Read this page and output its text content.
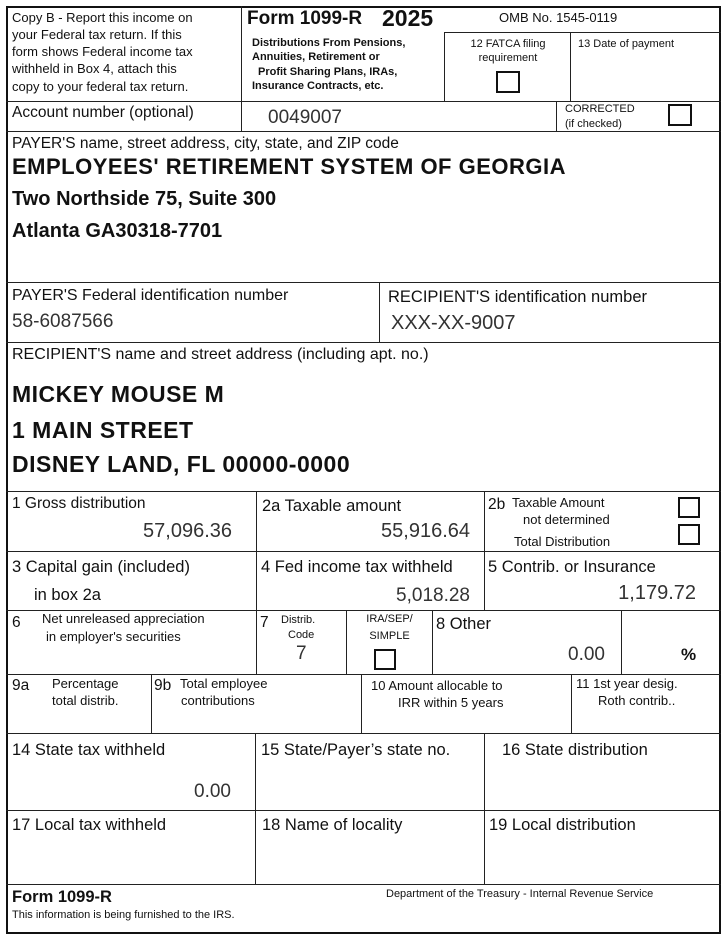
Copy B - Report this income on
your Federal tax return. If this
form shows Federal income tax
withheld in Box 4, attach this
copy to your federal tax return.
Form 1099-R 2025	OMB No. 1545-0119
Distributions From Pensions,
Annuities, Retirement or
Profit Sharing Plans, IRAs,
Insurance Contracts, etc.
12 FATCA filing
requirement
13 Date of payment
Account number (optional)	0049007	CORRECTED
(if checked)
PAYER'S name, street address, city, state, and ZIP code
EMPLOYEES' RETIREMENT SYSTEM OF GEORGIA
Two Northside 75, Suite 300
Atlanta GA30318-7701
PAYER'S Federal identification number
58-6087566
RECIPIENT'S identification number
XXX-XX-9007
RECIPIENT'S name and street address (including apt. no.)
MICKEY MOUSE M
1 MAIN STREET
DISNEY LAND, FL 00000-0000
1 Gross distribution
57,096.36
2a Taxable amount
55,916.64
2b Taxable Amount
not determined
Total Distribution
3 Capital gain (included)
in box 2a
4 Fed income tax withheld
5,018.28
5 Contrib. or Insurance
1,179.72
6 Net unreleased appreciation
in employer's securities
7 Distrib.
Code
7
IRA/SEP/
SIMPLE
8 Other
0.00	%
9a Percentage
total distrib.
9b Total employee
contributions
10 Amount allocable to
IRR within 5 years
11 1st year desig.
Roth contrib..
14 State tax withheld
0.00
15 State/Payer’s state no.	16 State distribution
17 Local tax withheld	18 Name of locality	19 Local distribution
Form 1099-R
This information is being furnished to the IRS.
Department of the Treasury - Internal Revenue Service
